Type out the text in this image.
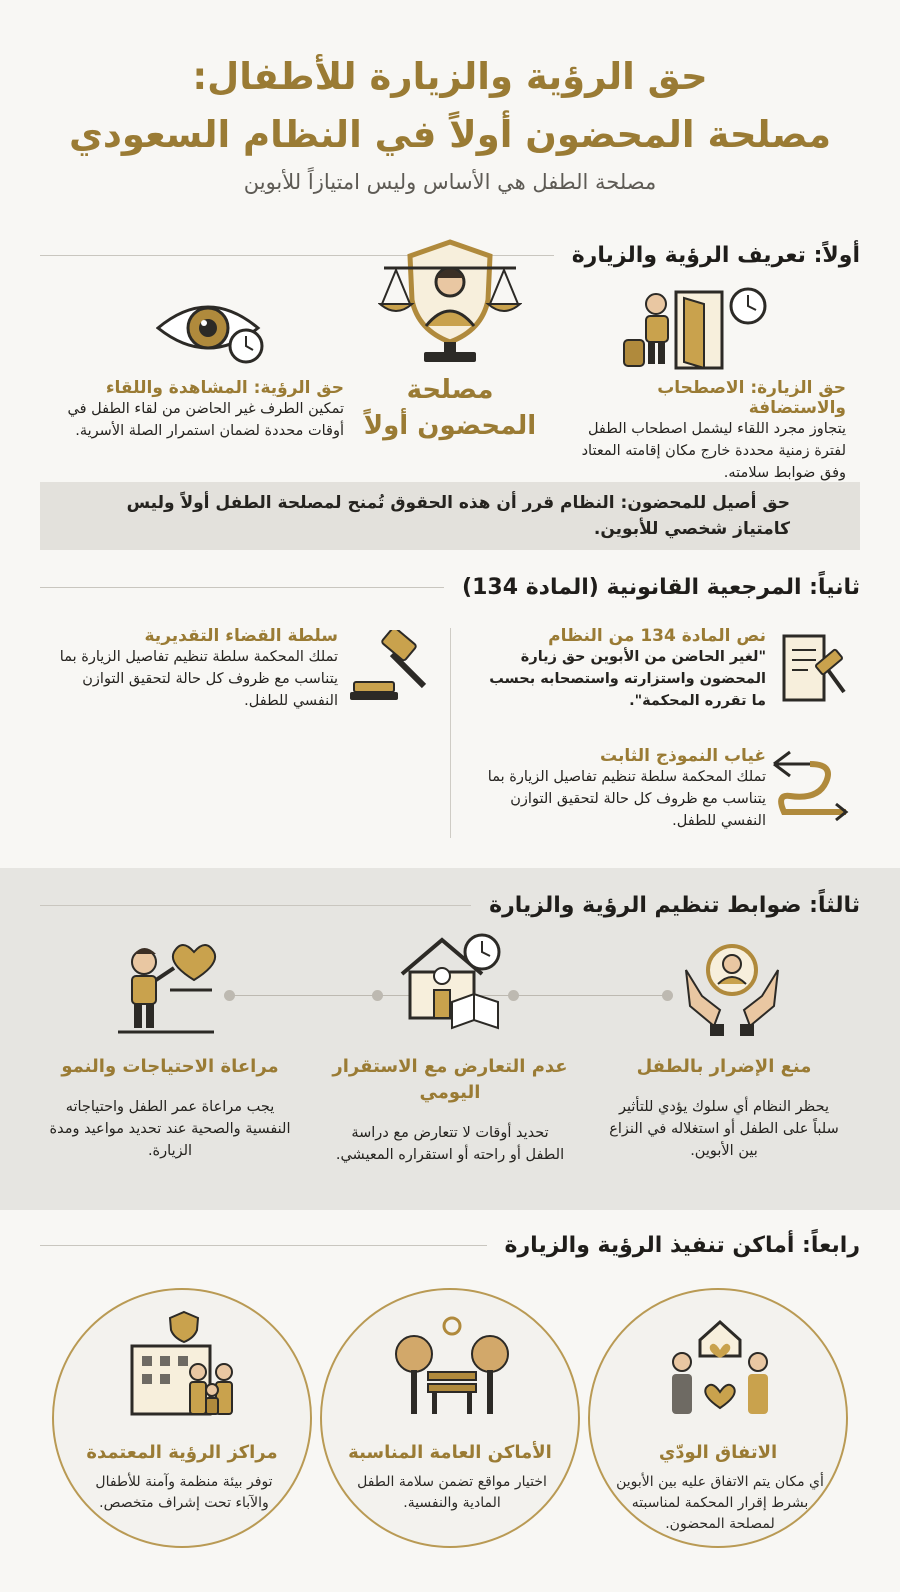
حق الرؤية والزيارة للأطفال:
مصلحة المحضون أولاً في النظام السعودي
مصلحة الطفل هي الأساس وليس امتيازاً للأبوين
أولاً: تعريف الرؤية والزيارة
مصلحة المحضون أولاً
حق الرؤية: المشاهدة واللقاء
تمكين الطرف غير الحاضن من لقاء الطفل في أوقات محددة لضمان استمرار الصلة الأسرية.
حق الزيارة: الاصطحاب والاستضافة
يتجاوز مجرد اللقاء ليشمل اصطحاب الطفل لفترة زمنية محددة خارج مكان إقامته المعتاد وفق ضوابط سلامته.
حق أصيل للمحضون: النظام قرر أن هذه الحقوق تُمنح لمصلحة الطفل أولاً وليس كامتياز شخصي للأبوين.
ثانياً: المرجعية القانونية (المادة 134)
نص المادة 134 من النظام
"لغير الحاضن من الأبوين حق زيارة المحضون واستزارته واستصحابه بحسب ما تقرره المحكمة".
غياب النموذج الثابت
تملك المحكمة سلطة تنظيم تفاصيل الزيارة بما يتناسب مع ظروف كل حالة لتحقيق التوازن النفسي للطفل.
سلطة القضاء التقديرية
تملك المحكمة سلطة تنظيم تفاصيل الزيارة بما يتناسب مع ظروف كل حالة لتحقيق التوازن النفسي للطفل.
ثالثاً: ضوابط تنظيم الرؤية والزيارة
منع الإضرار بالطفل
يحظر النظام أي سلوك يؤدي للتأثير سلباً على الطفل أو استغلاله في النزاع بين الأبوين.
عدم التعارض مع الاستقرار اليومي
تحديد أوقات لا تتعارض مع دراسة الطفل أو راحته أو استقراره المعيشي.
مراعاة الاحتياجات والنمو
يجب مراعاة عمر الطفل واحتياجاته النفسية والصحية عند تحديد مواعيد ومدة الزيارة.
رابعاً: أماكن تنفيذ الرؤية والزيارة
الاتفاق الودّي
أي مكان يتم الاتفاق عليه بين الأبوين بشرط إقرار المحكمة لمناسبته لمصلحة المحضون.
الأماكن العامة المناسبة
اختيار مواقع تضمن سلامة الطفل المادية والنفسية.
مراكز الرؤية المعتمدة
توفر بيئة منظمة وآمنة للأطفال والآباء تحت إشراف متخصص.
